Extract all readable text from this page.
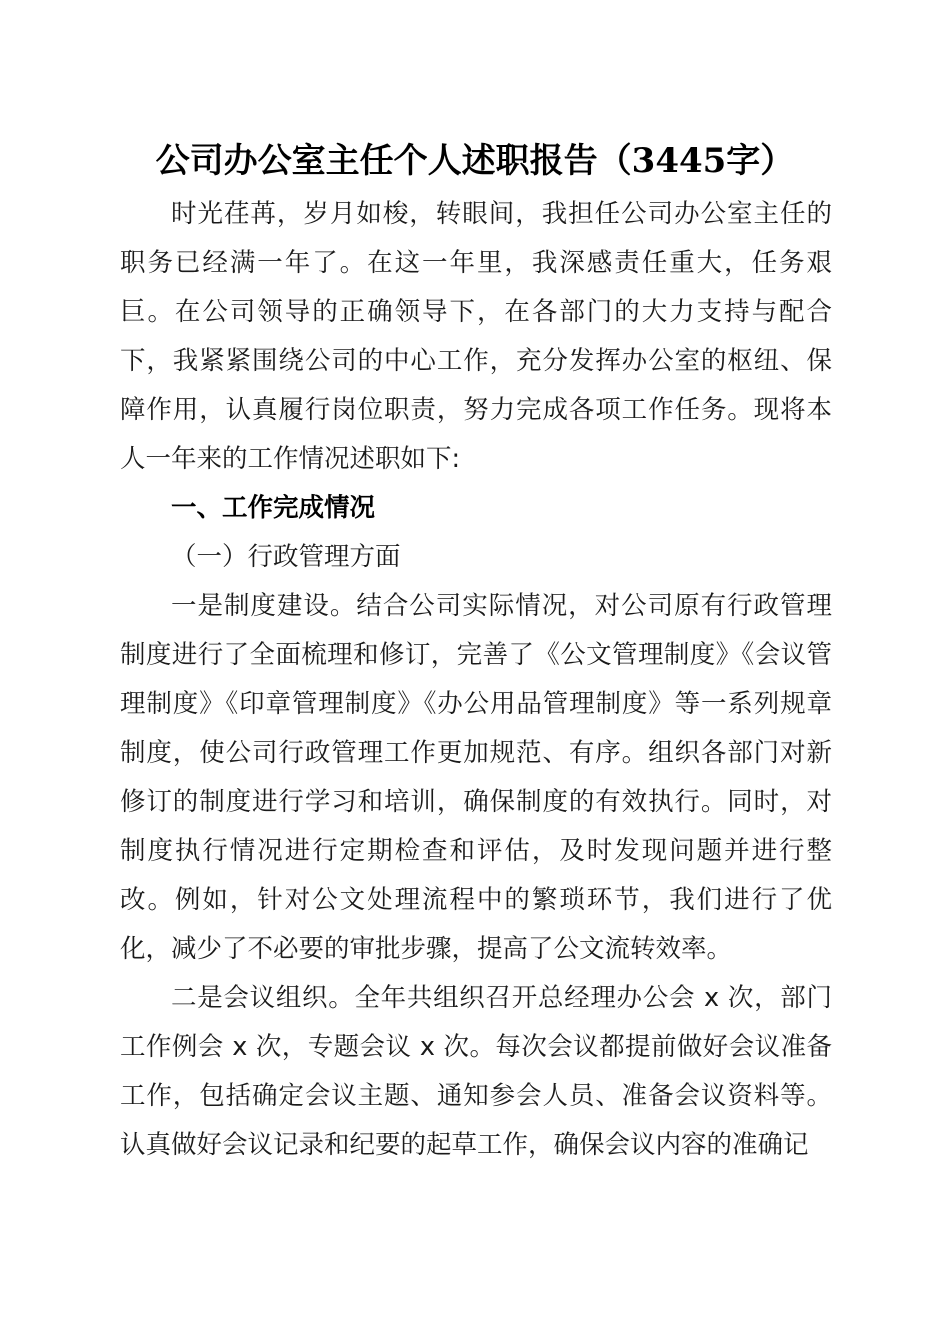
公司办公室主任个人述职报告（3445字）

时光荏苒，岁月如梭，转眼间，我担任公司办公室主任的职务已经满一年了。在这一年里，我深感责任重大，任务艰巨。在公司领导的正确领导下，在各部门的大力支持与配合下，我紧紧围绕公司的中心工作，充分发挥办公室的枢纽、保障作用，认真履行岗位职责，努力完成各项工作任务。现将本人一年来的工作情况述职如下:

一、工作完成情况

（一）行政管理方面

一是制度建设。结合公司实际情况，对公司原有行政管理制度进行了全面梳理和修订，完善了《公文管理制度》《会议管理制度》《印章管理制度》《办公用品管理制度》等一系列规章制度，使公司行政管理工作更加规范、有序。组织各部门对新修订的制度进行学习和培训，确保制度的有效执行。同时，对制度执行情况进行定期检查和评估，及时发现问题并进行整改。例如，针对公文处理流程中的繁琐环节，我们进行了优化，减少了不必要的审批步骤，提高了公文流转效率。

二是会议组织。全年共组织召开总经理办公会 x 次，部门工作例会 x 次，专题会议 x 次。每次会议都提前做好会议准备工作，包括确定会议主题、通知参会人员、准备会议资料等。认真做好会议记录和纪要的起草工作，确保会议内容的准确记
